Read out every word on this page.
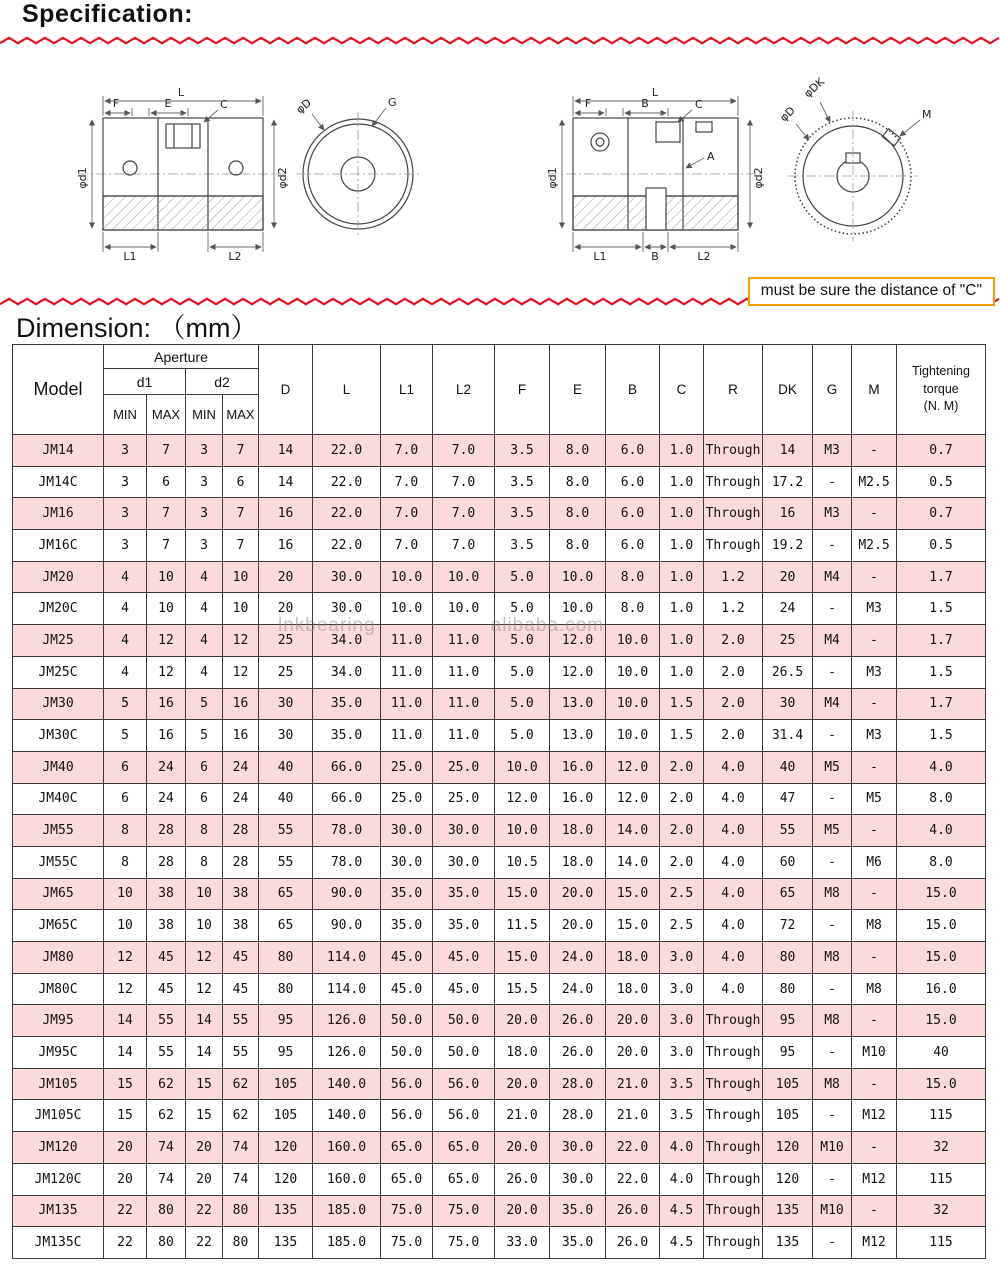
Specification:
L
F	E	C
φd1	φd2
L1	L2
G
φD
L
F	B	C
A
φd1	φd2
L1	B	L2
φDK
φD	M
must be sure the distance of "C"
Dimension: （mm）
lnkbearing	alibaba.com
Model	Aperture				D	L	L1	L2	F	E	B	C	R	DK	G	M	Tightening
torque
(N. M)

	d1		d2														
	MIN	MAX	MIN	MAX													
JM14	3	7	3	7	14	22.0	7.0	7.0	3.5	8.0	6.0	1.0	Through	14	M3	-	0.7
JM14C	3	6	3	6	14	22.0	7.0	7.0	3.5	8.0	6.0	1.0	Through	17.2	-	M2.5	0.5
JM16	3	7	3	7	16	22.0	7.0	7.0	3.5	8.0	6.0	1.0	Through	16	M3	-	0.7
JM16C	3	7	3	7	16	22.0	7.0	7.0	3.5	8.0	6.0	1.0	Through	19.2	-	M2.5	0.5
JM20	4	10	4	10	20	30.0	10.0	10.0	5.0	10.0	8.0	1.0	1.2	20	M4	-	1.7
JM20C	4	10	4	10	20	30.0	10.0	10.0	5.0	10.0	8.0	1.0	1.2	24	-	M3	1.5
JM25	4	12	4	12	25	34.0	11.0	11.0	5.0	12.0	10.0	1.0	2.0	25	M4	-	1.7
JM25C	4	12	4	12	25	34.0	11.0	11.0	5.0	12.0	10.0	1.0	2.0	26.5	-	M3	1.5
JM30	5	16	5	16	30	35.0	11.0	11.0	5.0	13.0	10.0	1.5	2.0	30	M4	-	1.7
JM30C	5	16	5	16	30	35.0	11.0	11.0	5.0	13.0	10.0	1.5	2.0	31.4	-	M3	1.5
JM40	6	24	6	24	40	66.0	25.0	25.0	10.0	16.0	12.0	2.0	4.0	40	M5	-	4.0
JM40C	6	24	6	24	40	66.0	25.0	25.0	12.0	16.0	12.0	2.0	4.0	47	-	M5	8.0
JM55	8	28	8	28	55	78.0	30.0	30.0	10.0	18.0	14.0	2.0	4.0	55	M5	-	4.0
JM55C	8	28	8	28	55	78.0	30.0	30.0	10.5	18.0	14.0	2.0	4.0	60	-	M6	8.0
JM65	10	38	10	38	65	90.0	35.0	35.0	15.0	20.0	15.0	2.5	4.0	65	M8	-	15.0
JM65C	10	38	10	38	65	90.0	35.0	35.0	11.5	20.0	15.0	2.5	4.0	72	-	M8	15.0
JM80	12	45	12	45	80	114.0	45.0	45.0	15.0	24.0	18.0	3.0	4.0	80	M8	-	15.0
JM80C	12	45	12	45	80	114.0	45.0	45.0	15.5	24.0	18.0	3.0	4.0	80	-	M8	16.0
JM95	14	55	14	55	95	126.0	50.0	50.0	20.0	26.0	20.0	3.0	Through	95	M8	-	15.0
JM95C	14	55	14	55	95	126.0	50.0	50.0	18.0	26.0	20.0	3.0	Through	95	-	M10	40
JM105	15	62	15	62	105	140.0	56.0	56.0	20.0	28.0	21.0	3.5	Through	105	M8	-	15.0
JM105C	15	62	15	62	105	140.0	56.0	56.0	21.0	28.0	21.0	3.5	Through	105	-	M12	115
JM120	20	74	20	74	120	160.0	65.0	65.0	20.0	30.0	22.0	4.0	Through	120	M10	-	32
JM120C	20	74	20	74	120	160.0	65.0	65.0	26.0	30.0	22.0	4.0	Through	120	-	M12	115
JM135	22	80	22	80	135	185.0	75.0	75.0	20.0	35.0	26.0	4.5	Through	135	M10	-	32
JM135C	22	80	22	80	135	185.0	75.0	75.0	33.0	35.0	26.0	4.5	Through	135	-	M12	115
